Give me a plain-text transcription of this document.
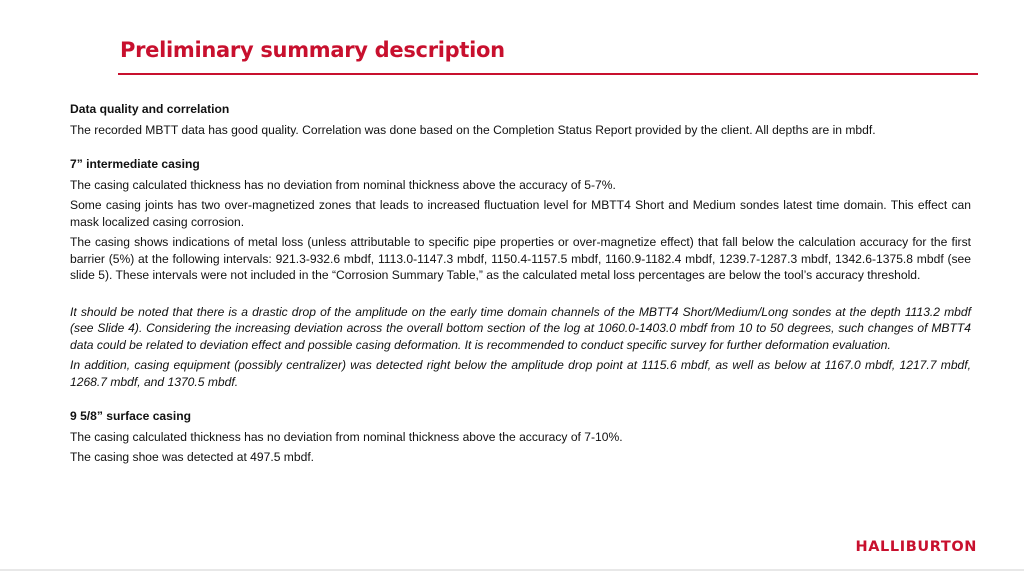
Preliminary summary description

Data quality and correlation

The recorded MBTT data has good quality. Correlation was done based on the Completion Status Report provided by the client. All depths are in mbdf.

7” intermediate casing

The casing calculated thickness has no deviation from nominal thickness above the accuracy of 5-7%.

Some casing joints has two over-magnetized zones that leads to increased fluctuation level for MBTT4 Short and Medium sondes latest time domain. This effect can mask localized casing corrosion.

The casing shows indications of metal loss (unless attributable to specific pipe properties or over-magnetize effect) that fall below the calculation accuracy for the first barrier (5%) at the following intervals: 921.3-932.6 mbdf, 1113.0-1147.3 mbdf, 1150.4-1157.5 mbdf, 1160.9-1182.4 mbdf, 1239.7-1287.3 mbdf, 1342.6-1375.8 mbdf (see slide 5). These intervals were not included in the “Corrosion Summary Table,” as the calculated metal loss percentages are below the tool’s accuracy threshold.

It should be noted that there is a drastic drop of the amplitude on the early time domain channels of the MBTT4 Short/Medium/Long sondes at the depth 1113.2 mbdf (see Slide 4). Considering the increasing deviation across the overall bottom section of the log at 1060.0-1403.0 mbdf from 10 to 50 degrees, such changes of MBTT4 data could be related to deviation effect and possible casing deformation. It is recommended to conduct specific survey for further deformation evaluation.

In addition, casing equipment (possibly centralizer) was detected right below the amplitude drop point at 1115.6 mbdf, as well as below at 1167.0 mbdf, 1217.7 mbdf, 1268.7 mbdf, and 1370.5 mbdf.

9 5/8” surface casing

The casing calculated thickness has no deviation from nominal thickness above the accuracy of 7-10%.

The casing shoe was detected at 497.5 mbdf.

HALLIBURTON
